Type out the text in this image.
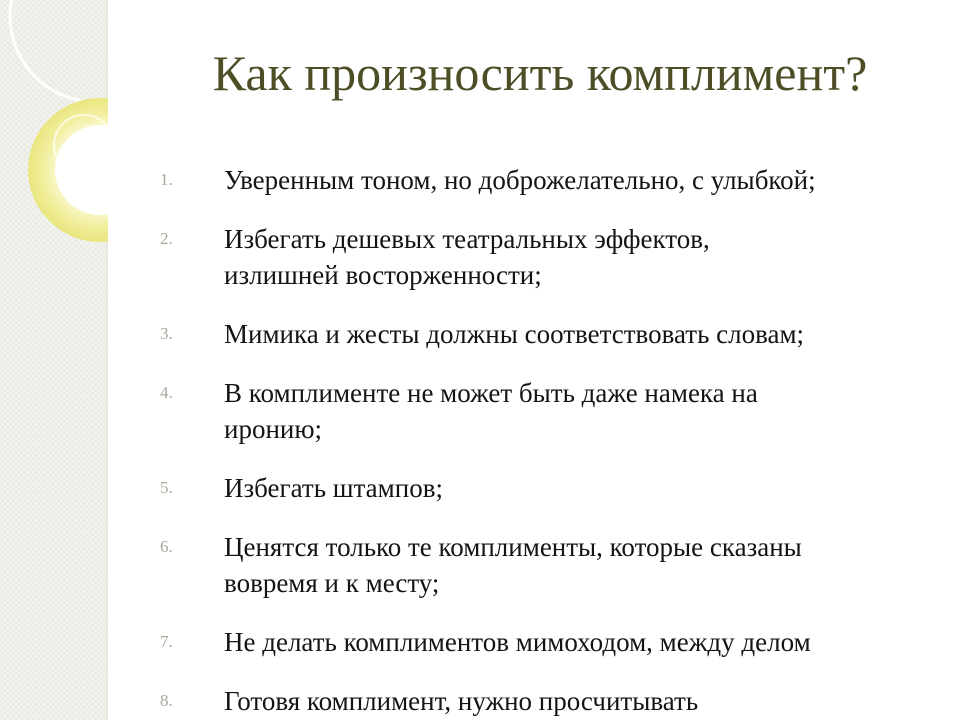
Как произносить комплимент?
1.	Уверенным тоном, но доброжелательно, с улыбкой;
2.	Избегать дешевых театральных эффектов,
излишней восторженности;
3.	Мимика и жесты должны соответствовать словам;
4.	В комплименте не может быть даже намека на
иронию;
5.	Избегать штампов;
6.	Ценятся только те комплименты, которые сказаны
вовремя и к месту;
7.	Не делать комплиментов мимоходом, между делом
8.	Готовя комплимент, нужно просчитывать
